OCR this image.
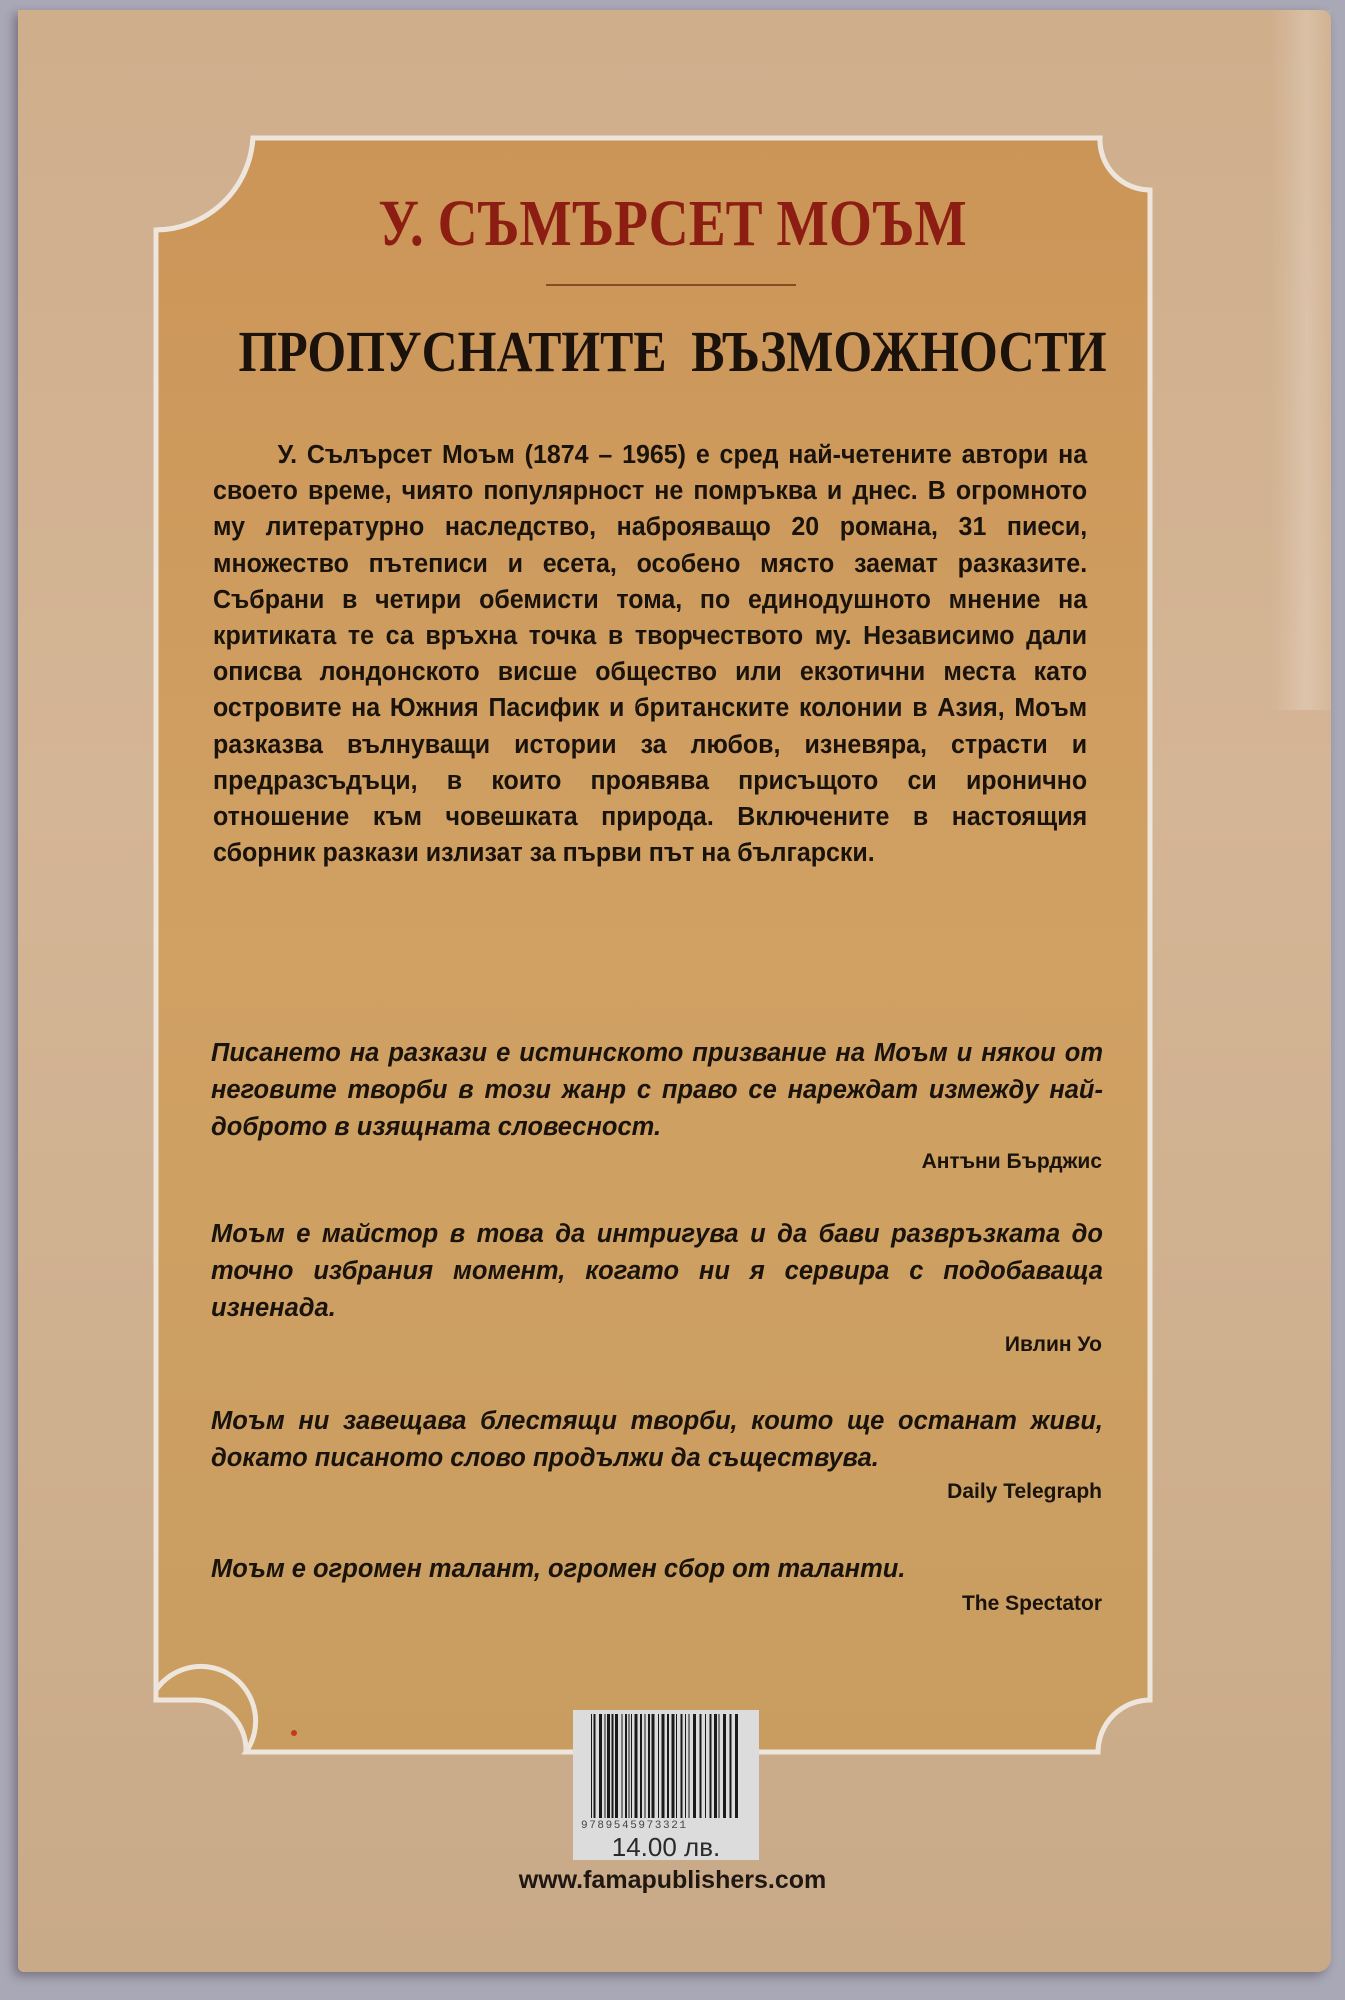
У. СЪМЪРСЕТ МОЪМ
ПРОПУСНАТИТЕ ВЪЗМОЖНОСТИ
У. Сълърсет Моъм (1874 – 1965) е сред най-четените автори на своето време, чиято популярност не помръква и днес. В огромното му литературно наследство, наброяващо 20 романа, 31 пиеси, множество пътеписи и есета, особено място заемат разказите. Събрани в четири обемисти тома, по единодушното мнение на критиката те са връхна точка в творчеството му. Независимо дали описва лондонското висше общество или екзотични места като островите на Южния Пасифик и британските колонии в Азия, Моъм разказва вълнуващи истории за любов, изневяра, страсти и предразсъдъци, в които проявява присъщото си иронично отношение към човешката природа. Включените в настоящия сборник разкази излизат за първи път на български.
Писането на разкази е истинското призвание на Моъм и някои от неговите творби в този жанр с право се нареждат измежду най-доброто в изящната словесност.
Антъни Бърджис
Моъм е майстор в това да интригува и да бави развръзката до точно избрания момент, когато ни я сервира с подобаваща изненада.
Ивлин Уо
Моъм ни завещава блестящи творби, които ще останат живи, докато писаното слово продължи да съществува.
Daily Telegraph
Моъм е огромен талант, огромен сбор от таланти.
The Spectator
9789545973321
14.00 лв.
www.famapublishers.com
